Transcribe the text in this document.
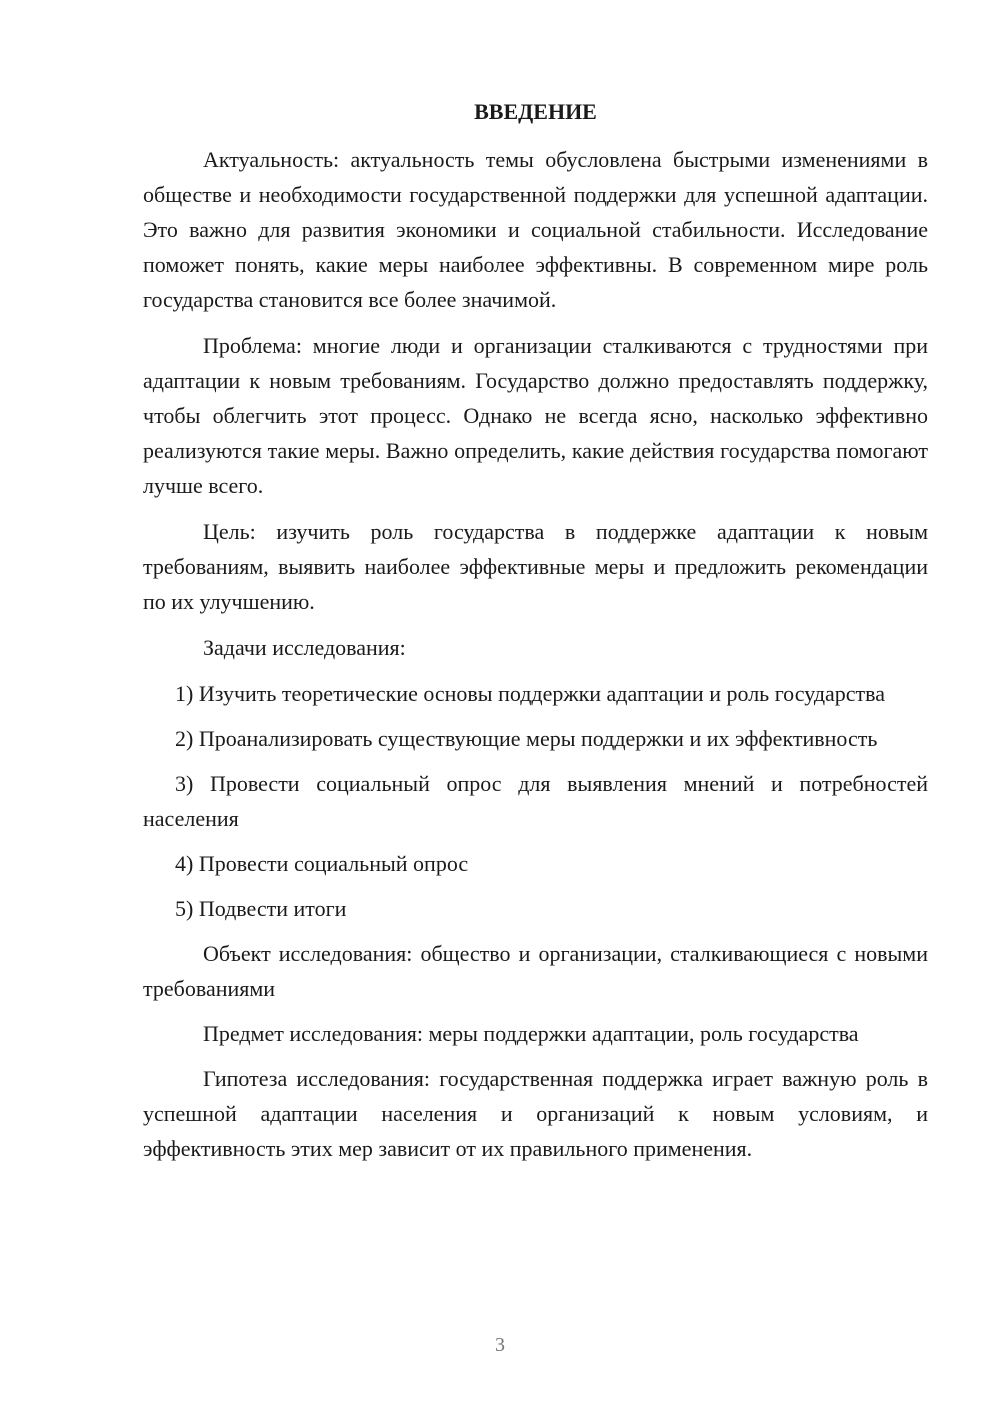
ВВЕДЕНИЕ

Актуальность: актуальность темы обусловлена быстрыми изменениями в обществе и необходимости государственной поддержки для успешной адаптации. Это важно для развития экономики и социальной стабильности. Исследование поможет понять, какие меры наиболее эффективны. В современном мире роль государства становится все более значимой.

Проблема: многие люди и организации сталкиваются с трудностями при адаптации к новым требованиям. Государство должно предоставлять поддержку, чтобы облегчить этот процесс. Однако не всегда ясно, насколько эффективно реализуются такие меры. Важно определить, какие действия государства помогают лучше всего.

Цель: изучить роль государства в поддержке адаптации к новым требованиям, выявить наиболее эффективные меры и предложить рекомендации по их улучшению.

Задачи исследования:

1) Изучить теоретические основы поддержки адаптации и роль государства

2) Проанализировать существующие меры поддержки и их эффективность

3) Провести социальный опрос для выявления мнений и потребностей населения

4) Провести социальный опрос

5) Подвести итоги

Объект исследования: общество и организации, сталкивающиеся с новыми требованиями

Предмет исследования: меры поддержки адаптации, роль государства

Гипотеза исследования: государственная поддержка играет важную роль в успешной адаптации населения и организаций к новым условиям, и эффективность этих мер зависит от их правильного применения.

3
